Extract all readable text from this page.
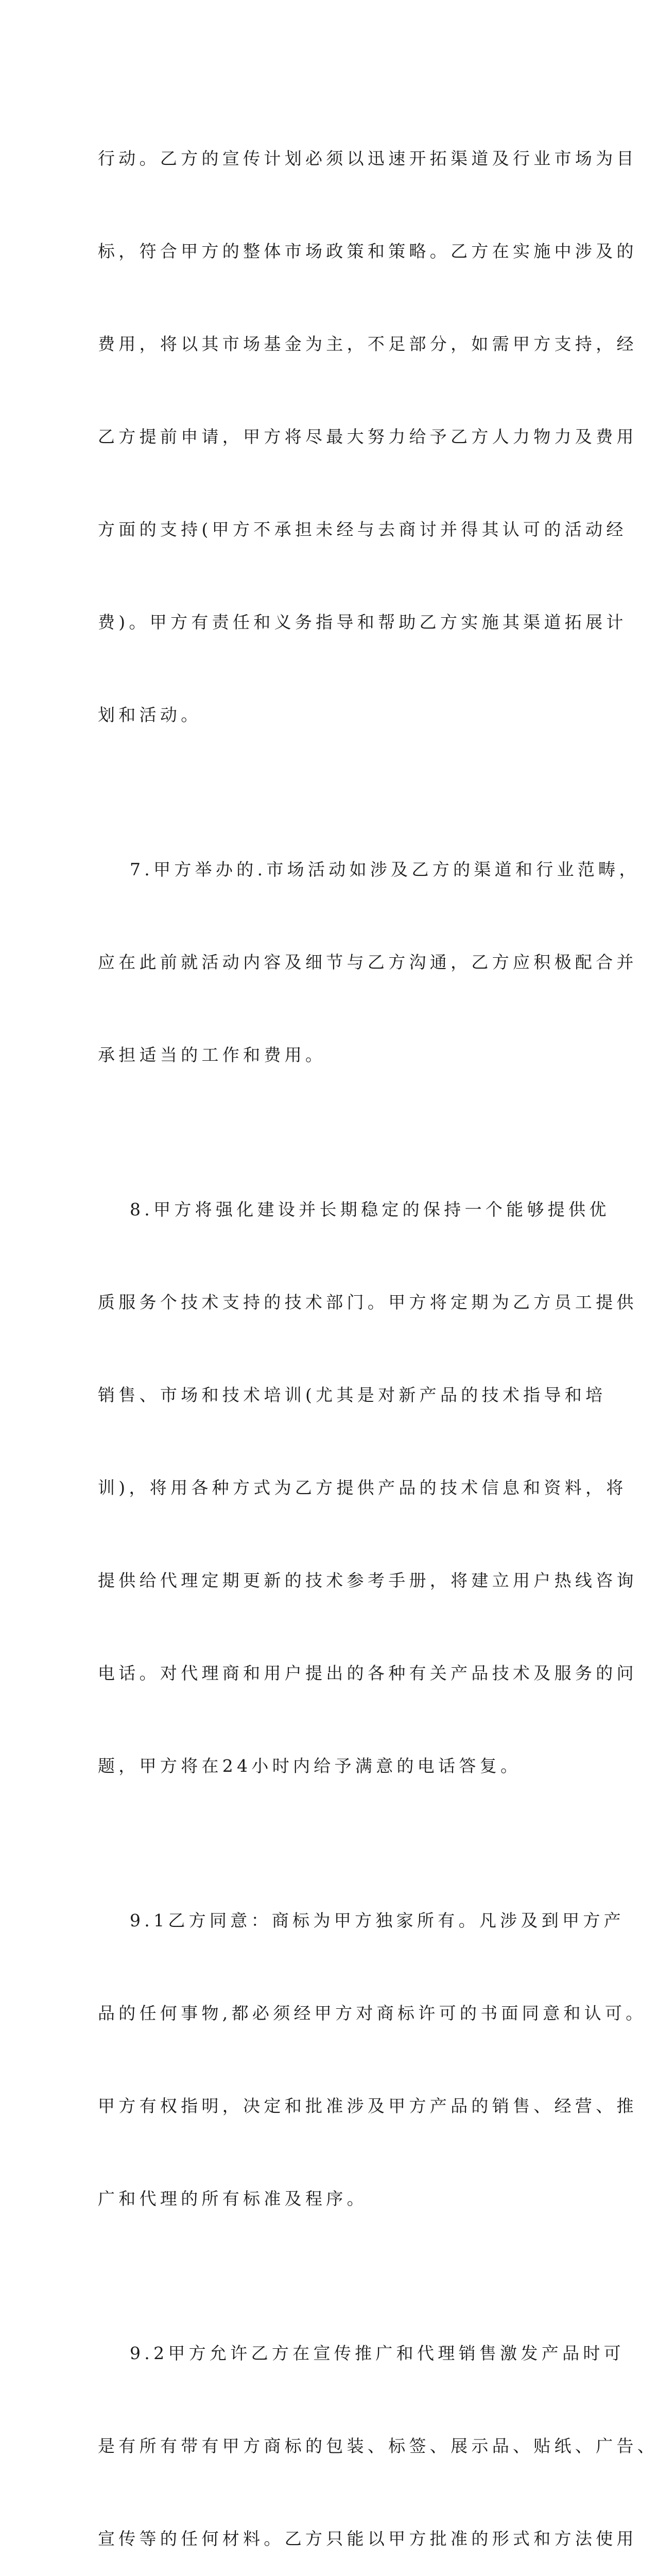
行动。乙方的宣传计划必须以迅速开拓渠道及行业市场为目

标，符合甲方的整体市场政策和策略。乙方在实施中涉及的

费用，将以其市场基金为主，不足部分，如需甲方支持，经

乙方提前申请，甲方将尽最大努力给予乙方人力物力及费用

方面的支持(甲方不承担未经与去商讨并得其认可的活动经

费)。甲方有责任和义务指导和帮助乙方实施其渠道拓展计

划和活动。

7.甲方举办的.市场活动如涉及乙方的渠道和行业范畴，

应在此前就活动内容及细节与乙方沟通，乙方应积极配合并

承担适当的工作和费用。

8.甲方将强化建设并长期稳定的保持一个能够提供优

质服务个技术支持的技术部门。甲方将定期为乙方员工提供

销售、市场和技术培训(尤其是对新产品的技术指导和培

训)，将用各种方式为乙方提供产品的技术信息和资料，将

提供给代理定期更新的技术参考手册，将建立用户热线咨询

电话。对代理商和用户提出的各种有关产品技术及服务的问

题，甲方将在24小时内给予满意的电话答复。

9.1乙方同意：商标为甲方独家所有。凡涉及到甲方产

品的任何事物,都必须经甲方对商标许可的书面同意和认可。

甲方有权指明，决定和批准涉及甲方产品的销售、经营、推

广和代理的所有标准及程序。

9.2甲方允许乙方在宣传推广和代理销售激发产品时可

是有所有带有甲方商标的包装、标签、展示品、贴纸、广告、

宣传等的任何材料。乙方只能以甲方批准的形式和方法使用
